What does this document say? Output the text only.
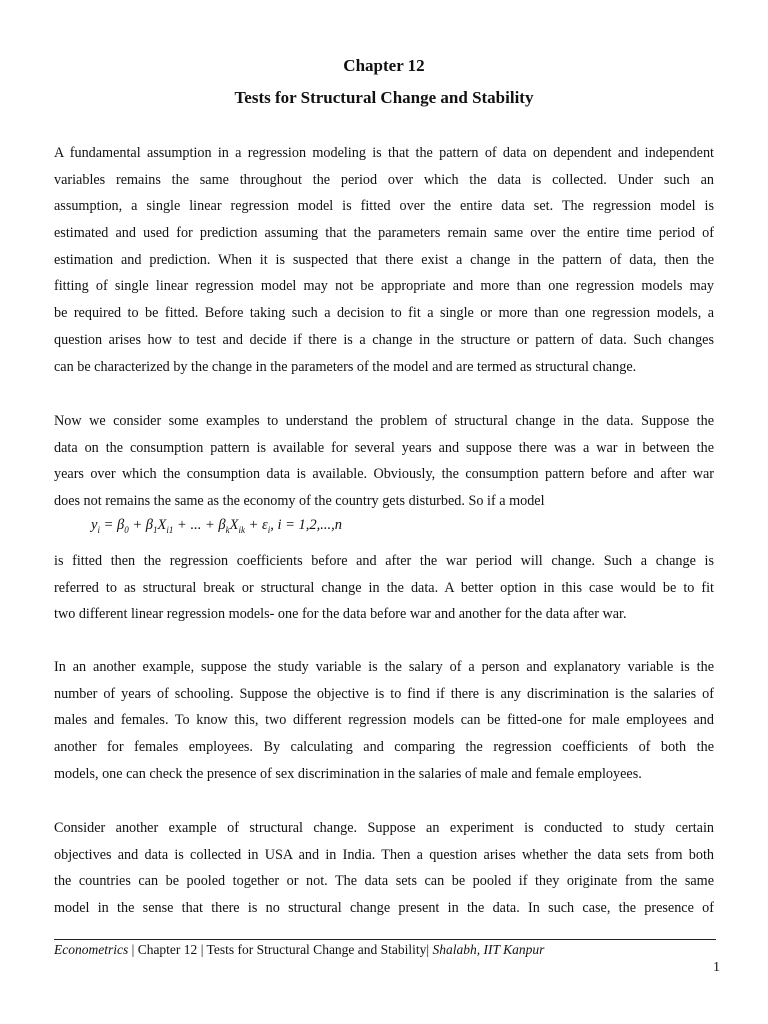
Chapter 12
Tests for Structural Change and Stability
A fundamental assumption in a regression modeling is that the pattern of data on dependent and independent
variables remains the same throughout the period over which the data is collected. Under such an
assumption, a single linear regression model is fitted over the entire data set. The regression model is
estimated and used for prediction assuming that the parameters remain same over the entire time period of
estimation and prediction. When it is suspected that there exist a change in the pattern of data, then the
fitting of single linear regression model may not be appropriate and more than one regression models may
be required to be fitted. Before taking such a decision to fit a single or more than one regression models, a
question arises how to test and decide if there is a change in the structure or pattern of data. Such changes
can be characterized by the change in the parameters of the model and are termed as structural change.
Now we consider some examples to understand the problem of structural change in the data. Suppose the
data on the consumption pattern is available for several years and suppose there was a war in between the
years over which the consumption data is available. Obviously, the consumption pattern before and after war
does not remains the same as the economy of the country gets disturbed. So if a model
$y_i = \beta_0 + \beta_1X_{i1}$ + ... + $\beta_kX_{ik} + \varepsilon_i$, i = 1,2,...,n
is fitted then the regression coefficients before and after the war period will change. Such a change is
referred to as structural break or structural change in the data. A better option in this case would be to fit
two different linear regression models- one for the data before war and another for the data after war.
In an another example, suppose the study variable is the salary of a person and explanatory variable is the
number of years of schooling. Suppose the objective is to find if there is any discrimination is the salaries of
males and females. To know this, two different regression models can be fitted-one for male employees and
another for females employees. By calculating and comparing the regression coefficients of both the
models, one can check the presence of sex discrimination in the salaries of male and female employees.
Consider another example of structural change. Suppose an experiment is conducted to study certain
objectives and data is collected in USA and in India. Then a question arises whether the data sets from both
the countries can be pooled together or not. The data sets can be pooled if they originate from the same
model in the sense that there is no structural change present in the data. In such case, the presence of
Econometrics | Chapter 12 | Tests for Structural Change and Stability| Shalabh, IIT Kanpur
1
